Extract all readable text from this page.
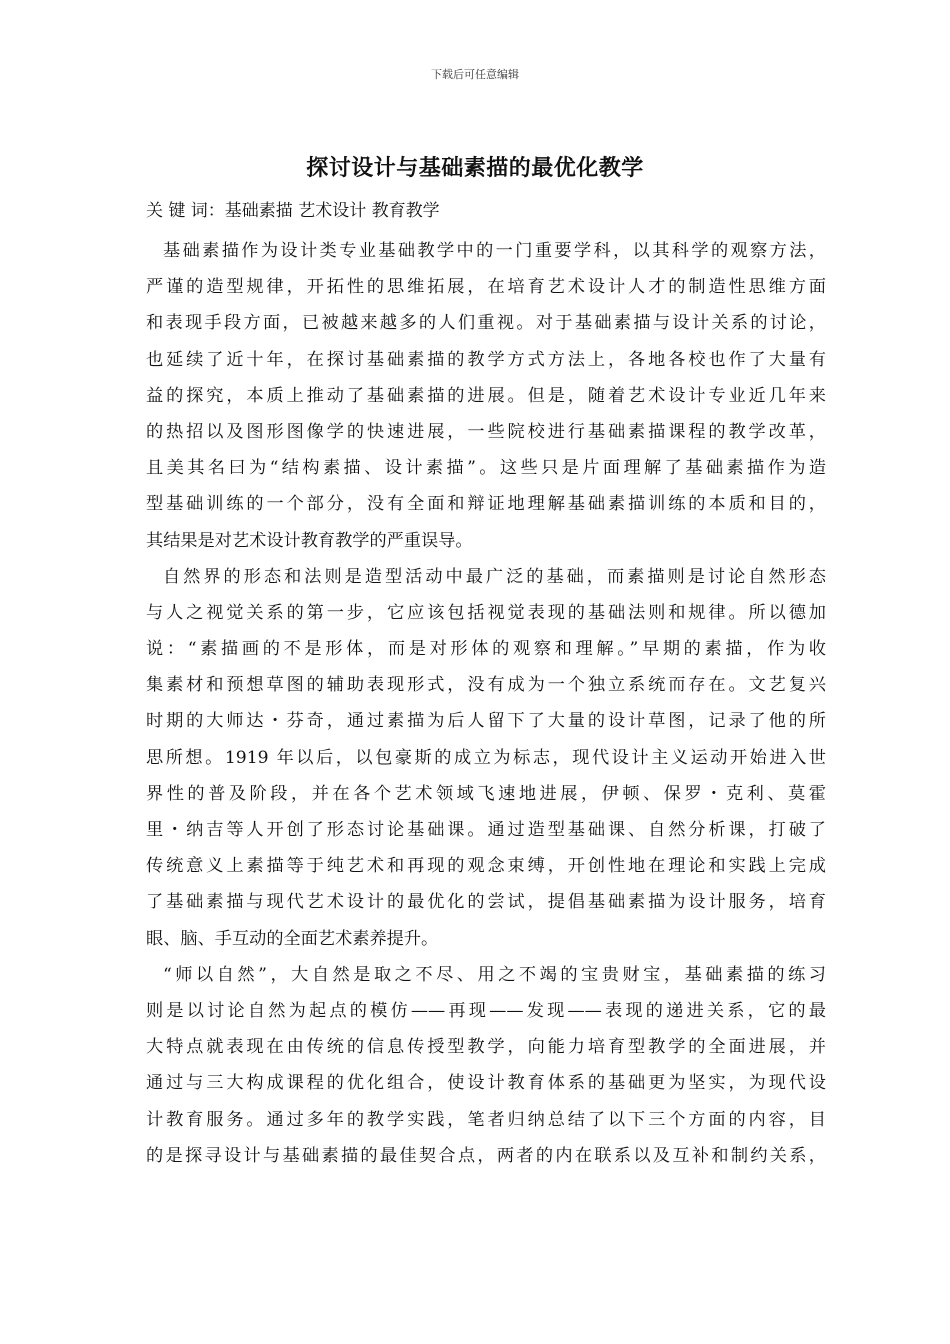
下载后可任意编辑
探讨设计与基础素描的最优化教学
关 键 词：基础素描 艺术设计 教育教学
基础素描作为设计类专业基础教学中的一门重要学科，以其科学的观察方法，
严谨的造型规律，开拓性的思维拓展，在培育艺术设计人才的制造性思维方面
和表现手段方面，已被越来越多的人们重视。对于基础素描与设计关系的讨论，
也延续了近十年，在探讨基础素描的教学方式方法上，各地各校也作了大量有
益的探究，本质上推动了基础素描的进展。但是，随着艺术设计专业近几年来
的热招以及图形图像学的快速进展，一些院校进行基础素描课程的教学改革，
且美其名曰为“结构素描、设计素描”。这些只是片面理解了基础素描作为造
型基础训练的一个部分，没有全面和辩证地理解基础素描训练的本质和目的，
其结果是对艺术设计教育教学的严重误导。
自然界的形态和法则是造型活动中最广泛的基础，而素描则是讨论自然形态
与人之视觉关系的第一步，它应该包括视觉表现的基础法则和规律。所以德加
说：“素描画的不是形体，而是对形体的观察和理解。”早期的素描，作为收
集素材和预想草图的辅助表现形式，没有成为一个独立系统而存在。文艺复兴
时期的大师达・芬奇，通过素描为后人留下了大量的设计草图，记录了他的所
思所想。1919 年以后，以包豪斯的成立为标志，现代设计主义运动开始进入世
界性的普及阶段，并在各个艺术领域飞速地进展，伊顿、保罗・克利、莫霍
里・纳吉等人开创了形态讨论基础课。通过造型基础课、自然分析课，打破了
传统意义上素描等于纯艺术和再现的观念束缚，开创性地在理论和实践上完成
了基础素描与现代艺术设计的最优化的尝试，提倡基础素描为设计服务，培育
眼、脑、手互动的全面艺术素养提升。
“师以自然”，大自然是取之不尽、用之不竭的宝贵财宝，基础素描的练习
则是以讨论自然为起点的模仿——再现——发现——表现的递进关系，它的最
大特点就表现在由传统的信息传授型教学，向能力培育型教学的全面进展，并
通过与三大构成课程的优化组合，使设计教育体系的基础更为坚实，为现代设
计教育服务。通过多年的教学实践，笔者归纳总结了以下三个方面的内容，目
的是探寻设计与基础素描的最佳契合点，两者的内在联系以及互补和制约关系，
